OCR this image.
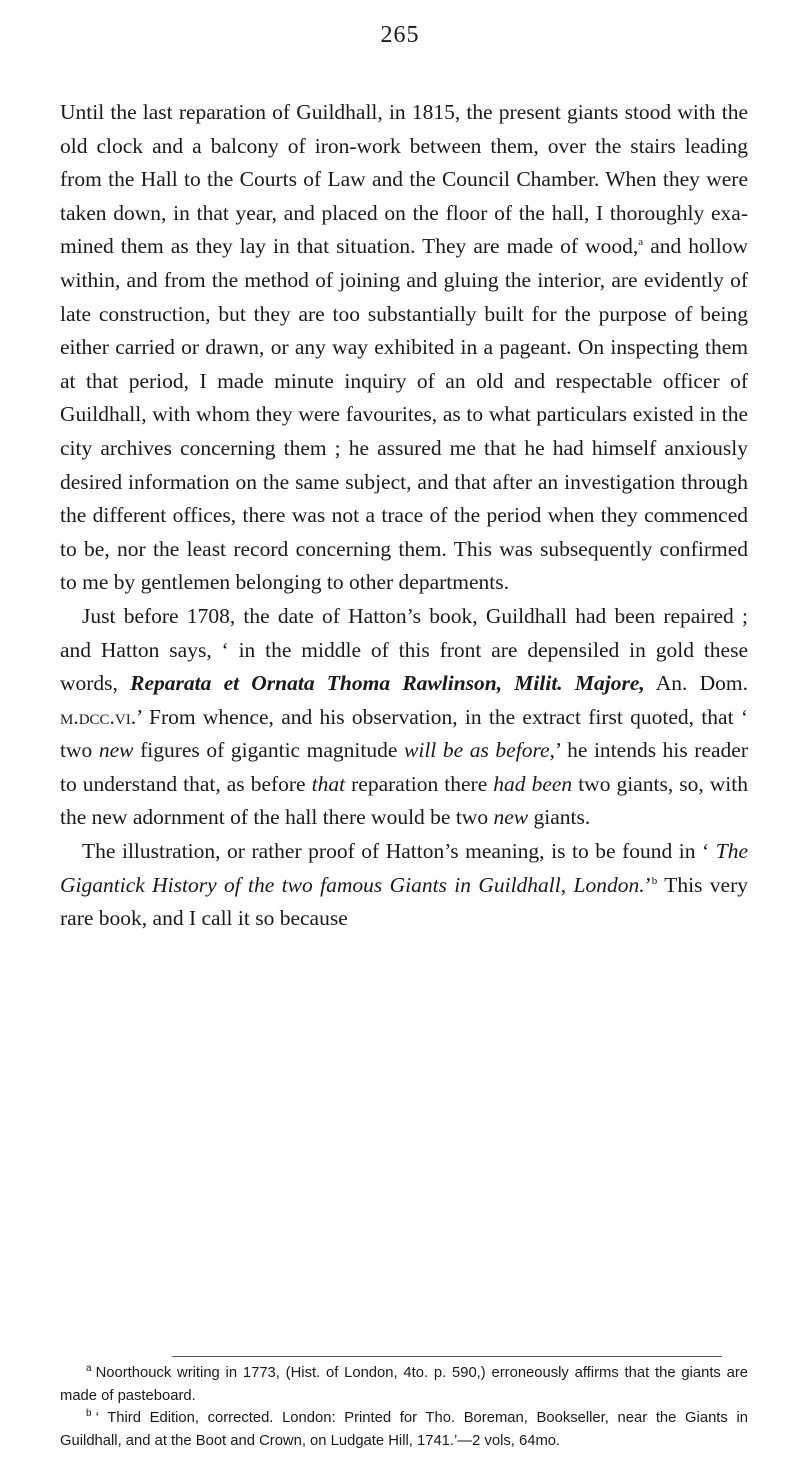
265

Until the last reparation of Guildhall, in 1815, the present giants stood with the old clock and a balcony of iron-work between them, over the stairs leading from the Hall to the Courts of Law and the Council Chamber. When they were taken down, in that year, and placed on the floor of the hall, I thoroughly examined them as they lay in that situation. They are made of wood,$^a$ and hollow within, and from the method of joining and gluing the interior, are evidently of late construction, but they are too substantially built for the purpose of being either carried or drawn, or any way exhibited in a pageant. On inspecting them at that period, I made minute inquiry of an old and respectable officer of Guildhall, with whom they were favourites, as to what particulars existed in the city archives concerning them ; he assured me that he had himself anxiously desired information on the same subject, and that after an investigation through the different offices, there was not a trace of the period when they commenced to be, nor the least record concerning them. This was subsequently confirmed to me by gentlemen belonging to other departments.

Just before 1708, the date of Hatton’s book, Guildhall had been repaired ; and Hatton says, ‘ in the middle of this front are depensiled in gold these words, Reparata et Ornata Thoma Rawlinson, Milit. Majore, An. Dom. m.dcc.vi.’ From whence, and his observation, in the extract first quoted, that ‘ two new figures of gigantic magnitude will be as before,’ he intends his reader to understand that, as before that reparation there had been two giants, so, with the new adornment of the hall there would be two new giants.

The illustration, or rather proof of Hatton’s meaning, is to be found in ‘ The Gigantick History of the two famous Giants in Guildhall, London.’$^b$ This very rare book, and I call it so because

$^a$ Noorthouck writing in 1773, (Hist. of London, 4to. p. 590,) erroneously affirms that the giants are made of pasteboard.

$^b$ ‘ Third Edition, corrected. London: Printed for Tho. Boreman, Bookseller, near the Giants in Guildhall, and at the Boot and Crown, on Ludgate Hill, 1741.’—2 vols, 64mo.
